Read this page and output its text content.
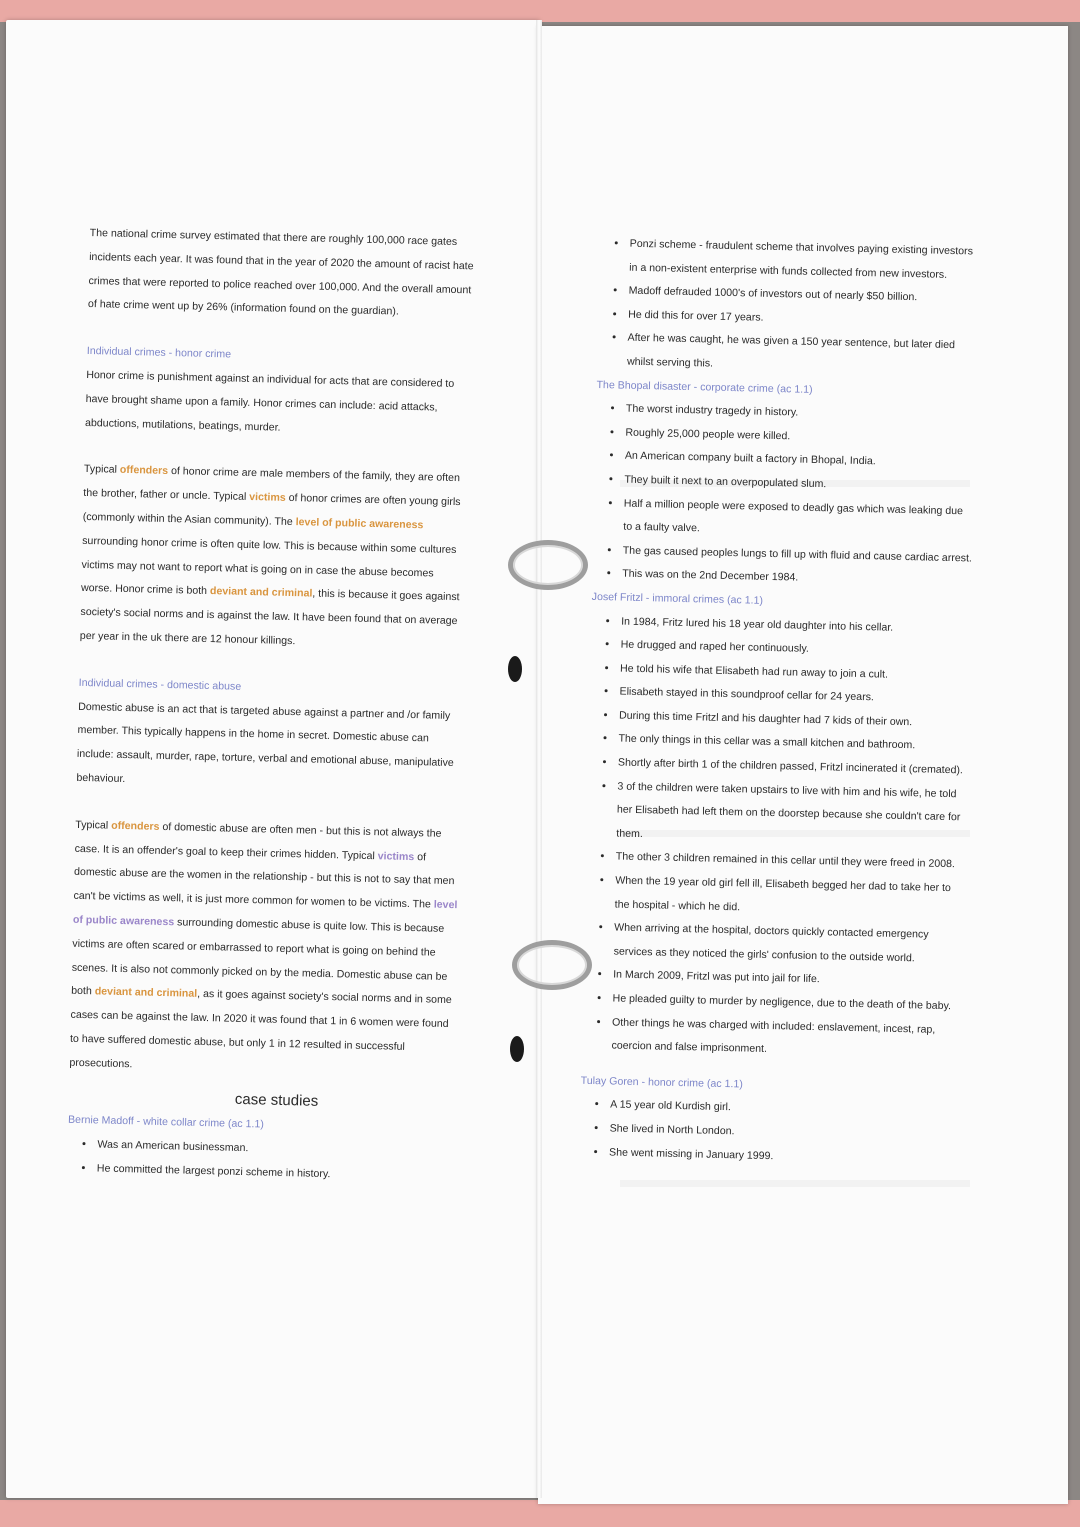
The national crime survey estimated that there are roughly 100,000 race gates incidents each year. It was found that in the year of 2020 the amount of racist hate crimes that were reported to police reached over 100,000. And the overall amount of hate crime went up by 26% (information found on the guardian).

Individual crimes - honor crime

Honor crime is punishment against an individual for acts that are considered to have brought shame upon a family. Honor crimes can include: acid attacks, abductions, mutilations, beatings, murder.

Typical offenders of honor crime are male members of the family, they are often the brother, father or uncle. Typical victims of honor crimes are often young girls (commonly within the Asian community). The level of public awareness surrounding honor crime is often quite low. This is because within some cultures victims may not want to report what is going on in case the abuse becomes worse. Honor crime is both deviant and criminal, this is because it goes against society's social norms and is against the law. It have been found that on average per year in the uk there are 12 honour killings.

Individual crimes - domestic abuse

Domestic abuse is an act that is targeted abuse against a partner and /or family member. This typically happens in the home in secret. Domestic abuse can include: assault, murder, rape, torture, verbal and emotional abuse, manipulative behaviour.

Typical offenders of domestic abuse are often men - but this is not always the case. It is an offender's goal to keep their crimes hidden. Typical victims of domestic abuse are the women in the relationship - but this is not to say that men can't be victims as well, it is just more common for women to be victims. The level of public awareness surrounding domestic abuse is quite low. This is because victims are often scared or embarrassed to report what is going on behind the scenes. It is also not commonly picked on by the media. Domestic abuse can be both deviant and criminal, as it goes against society's social norms and in some cases can be against the law. In 2020 it was found that 1 in 6 women were found to have suffered domestic abuse, but only 1 in 12 resulted in successful prosecutions.

case studies

Bernie Madoff - white collar crime (ac 1.1)

• Was an American businessman.
• He committed the largest ponzi scheme in history.
• Ponzi scheme - fraudulent scheme that involves paying existing investors in a non-existent enterprise with funds collected from new investors.
• Madoff defrauded 1000's of investors out of nearly $50 billion.
• He did this for over 17 years.
• After he was caught, he was given a 150 year sentence, but later died whilst serving this.

The Bhopal disaster - corporate crime (ac 1.1)

• The worst industry tragedy in history.
• Roughly 25,000 people were killed.
• An American company built a factory in Bhopal, India.
• They built it next to an overpopulated slum.
• Half a million people were exposed to deadly gas which was leaking due to a faulty valve.
• The gas caused peoples lungs to fill up with fluid and cause cardiac arrest.
• This was on the 2nd December 1984.

Josef Fritzl - immoral crimes (ac 1.1)

• In 1984, Fritz lured his 18 year old daughter into his cellar.
• He drugged and raped her continuously.
• He told his wife that Elisabeth had run away to join a cult.
• Elisabeth stayed in this soundproof cellar for 24 years.
• During this time Fritzl and his daughter had 7 kids of their own.
• The only things in this cellar was a small kitchen and bathroom.
• Shortly after birth 1 of the children passed, Fritzl incinerated it (cremated).
• 3 of the children were taken upstairs to live with him and his wife, he told her Elisabeth had left them on the doorstep because she couldn't care for them.
• The other 3 children remained in this cellar until they were freed in 2008.
• When the 19 year old girl fell ill, Elisabeth begged her dad to take her to the hospital - which he did.
• When arriving at the hospital, doctors quickly contacted emergency services as they noticed the girls' confusion to the outside world.
• In March 2009, Fritzl was put into jail for life.
• He pleaded guilty to murder by negligence, due to the death of the baby.
• Other things he was charged with included: enslavement, incest, rap, coercion and false imprisonment.

Tulay Goren - honor crime (ac 1.1)

• A 15 year old Kurdish girl.
• She lived in North London.
• She went missing in January 1999.
